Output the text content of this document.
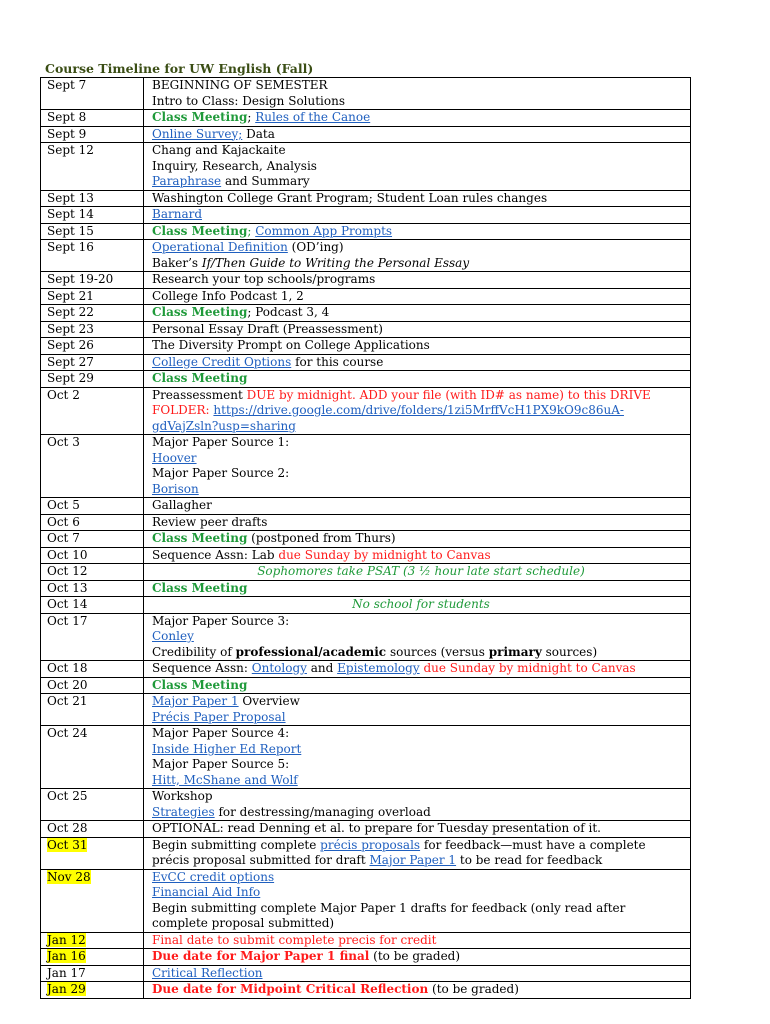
Course Timeline for UW English (Fall)
Sept 7	BEGINNING OF SEMESTER
Intro to Class: Design Solutions

Sept 8	Class Meeting; Rules of the Canoe

Sept 9	Online Survey; Data

Sept 12	Chang and Kajackaite
Inquiry, Research, Analysis
Paraphrase and Summary

Sept 13	Washington College Grant Program; Student Loan rules changes

Sept 14	Barnard

Sept 15	Class Meeting; Common App Prompts

Sept 16	Operational Definition (OD’ing)
Baker’s If/Then Guide to Writing the Personal Essay

Sept 19-20	Research your top schools/programs

Sept 21	College Info Podcast 1, 2

Sept 22	Class Meeting; Podcast 3, 4

Sept 23	Personal Essay Draft (Preassessment)

Sept 26	The Diversity Prompt on College Applications

Sept 27	College Credit Options for this course

Sept 29	Class Meeting

Oct 2	Preassessment DUE by midnight. ADD your file (with ID# as name) to this DRIVE
FOLDER: https://drive.google.com/drive/folders/1zi5MrffVcH1PX9kO9c86uA-
gdVajZsln?usp=sharing

Oct 3	Major Paper Source 1:
Hoover
Major Paper Source 2:
Borison

Oct 5	Gallagher

Oct 6	Review peer drafts

Oct 7	Class Meeting (postponed from Thurs)

Oct 10	Sequence Assn: Lab due Sunday by midnight to Canvas

Oct 12	Sophomores take PSAT (3 ½ hour late start schedule)

Oct 13	Class Meeting

Oct 14	No school for students

Oct 17	Major Paper Source 3:
Conley
Credibility of professional/academic sources (versus primary sources)

Oct 18	Sequence Assn: Ontology and Epistemology due Sunday by midnight to Canvas

Oct 20	Class Meeting

Oct 21	Major Paper 1 Overview
Précis Paper Proposal

Oct 24	Major Paper Source 4:
Inside Higher Ed Report
Major Paper Source 5:
Hitt, McShane and Wolf

Oct 25	Workshop
Strategies for destressing/managing overload

Oct 28	OPTIONAL: read Denning et al. to prepare for Tuesday presentation of it.

Oct 31	Begin submitting complete précis proposals for feedback—must have a complete
précis proposal submitted for draft Major Paper 1 to be read for feedback

Nov 28	EvCC credit options
Financial Aid Info
Begin submitting complete Major Paper 1 drafts for feedback (only read after
complete proposal submitted)

Jan 12	Final date to submit complete precis for credit

Jan 16	Due date for Major Paper 1 final (to be graded)

Jan 17	Critical Reflection

Jan 29	Due date for Midpoint Critical Reflection (to be graded)
